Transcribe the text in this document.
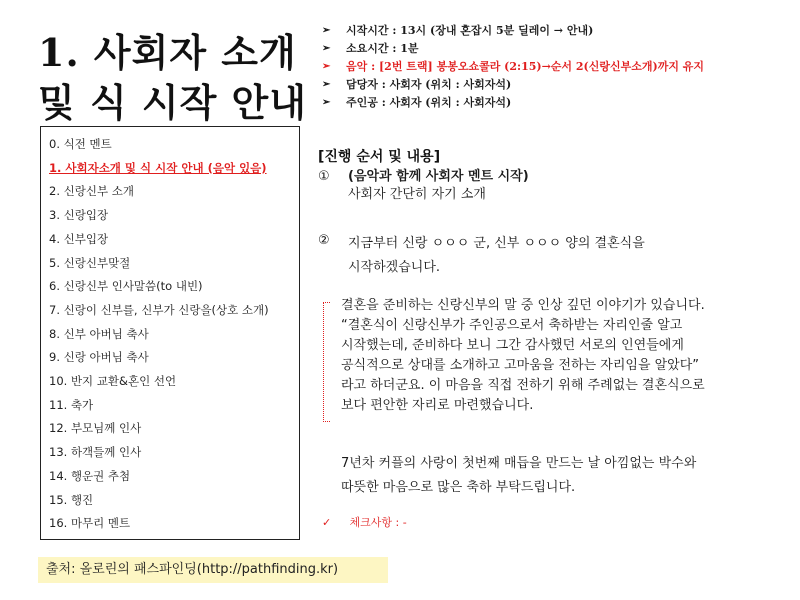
1. 사회자 소개
및 식 시작 안내
0. 식전 멘트
1. 사회자소개 및 식 시작 안내 (음악 있음)
2. 신랑신부 소개
3. 신랑입장
4. 신부입장
5. 신랑신부맞절
6. 신랑신부 인사말씀(to 내빈)
7. 신랑이 신부를, 신부가 신랑을(상호 소개)
8. 신부 아버님 축사
9. 신랑 아버님 축사
10. 반지 교환&혼인 선언
11. 축가
12. 부모님께 인사
13. 하객들께 인사
14. 행운권 추첨
15. 행진
16. 마무리 멘트
출처: 올로린의 패스파인딩(http://pathfinding.kr)
➢ 시작시간 : 13시 (장내 혼잡시 5분 딜레이 → 안내)
➢ 소요시간 : 1분
➢ 음악 : [2번 트랙] 봉봉오쇼콜라 (2:15)→순서 2(신랑신부소개)까지 유지
➢ 담당자 : 사회자 (위치 : 사회자석)
➢ 주인공 : 사회자 (위치 : 사회자석)
[진행 순서 및 내용]
①	(음악과 함께 사회자 멘트 시작)
사회자 간단히 자기 소개
②	지금부터 신랑 ㅇㅇㅇ 군, 신부 ㅇㅇㅇ 양의 결혼식을
시작하겠습니다.
결혼을 준비하는 신랑신부의 말 중 인상 깊던 이야기가 있습니다.
“결혼식이 신랑신부가 주인공으로서 축하받는 자리인줄 알고
시작했는데, 준비하다 보니 그간 감사했던 서로의 인연들에게
공식적으로 상대를 소개하고 고마움을 전하는 자리임을 알았다”
라고 하더군요. 이 마음을 직접 전하기 위해 주례없는 결혼식으로
보다 편안한 자리로 마련했습니다.
7년차 커플의 사랑이 첫번째 매듭을 만드는 날 아낌없는 박수와
따뜻한 마음으로 많은 축하 부탁드립니다.
✓ 체크사항 : -
